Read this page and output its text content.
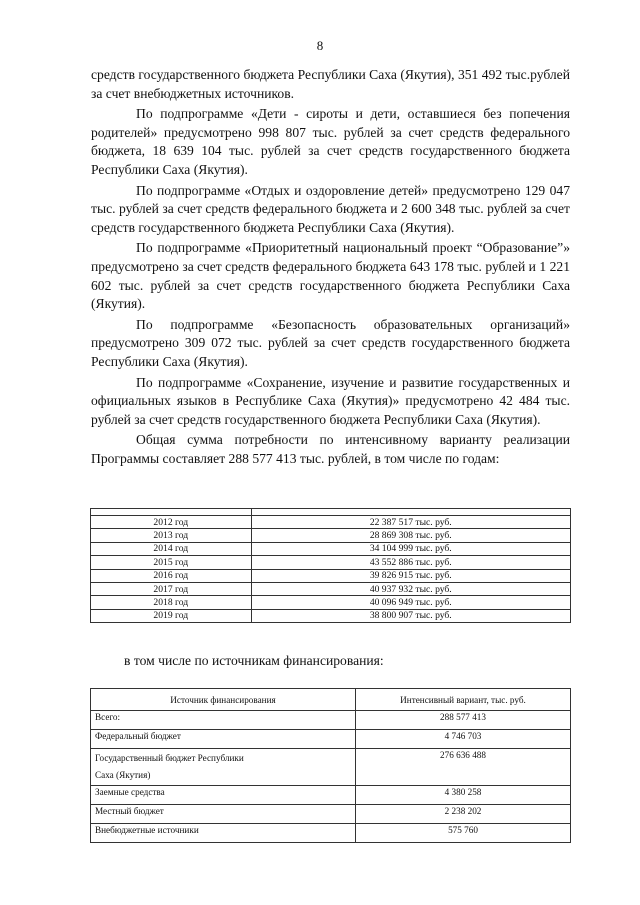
8

средств государственного бюджета Республики Саха (Якутия), 351 492 тыс.рублей за счет внебюджетных источников.

По подпрограмме «Дети - сироты и дети, оставшиеся без попечения родителей» предусмотрено 998 807 тыс. рублей за счет средств федерального бюджета, 18 639 104 тыс. рублей за счет средств государственного бюджета Республики Саха (Якутия).

По подпрограмме «Отдых и оздоровление детей» предусмотрено 129 047 тыс. рублей за счет средств федерального бюджета и 2 600 348 тыс. рублей за счет средств государственного бюджета Республики Саха (Якутия).

По подпрограмме «Приоритетный национальный проект “Образование”» предусмотрено за счет средств федерального бюджета 643 178 тыс. рублей и 1 221 602 тыс. рублей за счет средств государственного бюджета Республики Саха (Якутия).

По подпрограмме «Безопасность образовательных организаций» предусмотрено 309 072 тыс. рублей за счет средств государственного бюджета Республики Саха (Якутия).

По подпрограмме «Сохранение, изучение и развитие государственных и официальных языков в Республике Саха (Якутия)» предусмотрено 42 484 тыс. рублей за счет средств государственного бюджета Республики Саха (Якутия).

Общая сумма потребности по интенсивному варианту реализации Программы составляет 288 577 413 тыс. рублей, в том числе по годам:

2012 год	22 387 517 тыс. руб.
2013 год	28 869 308 тыс. руб.
2014 год	34 104 999 тыс. руб.
2015 год	43 552 886 тыс. руб.
2016 год	39 826 915 тыс. руб.
2017 год	40 937 932 тыс. руб.
2018 год	40 096 949 тыс. руб.
2019 год	38 800 907 тыс. руб.
в том числе по источникам финансирования:
Источник финансирования	Интенсивный вариант, тыс. руб.
Всего:	288 577 413
Федеральный бюджет	4 746 703

Государственный бюджет Республики
Саха (Якутия)	276 636 488
Заемные средства	4 380 258
Местный бюджет	2 238 202
Внебюджетные источники	575 760
